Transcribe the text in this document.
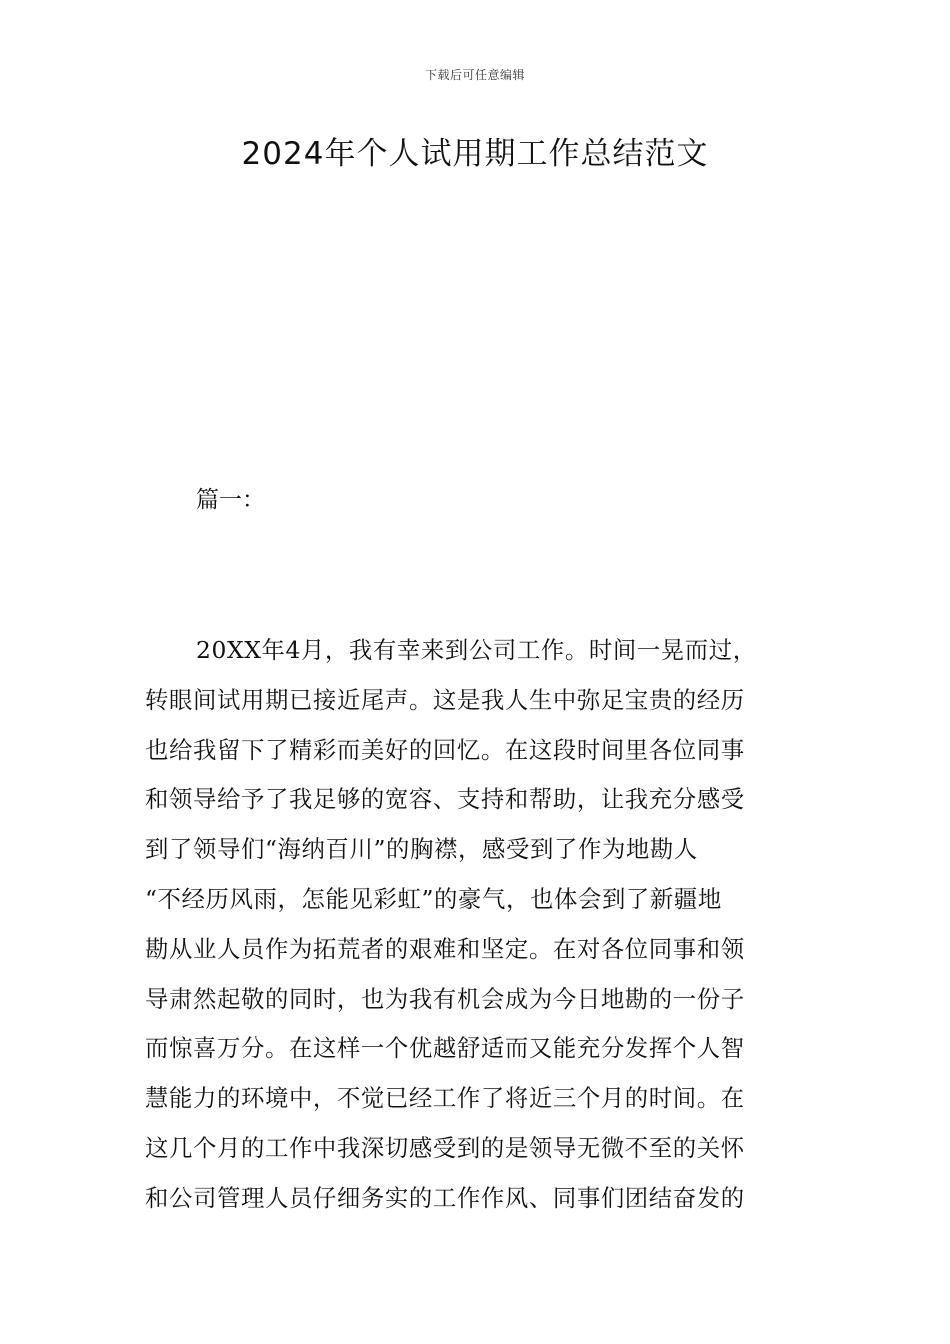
下载后可任意编辑
2024年个人试用期工作总结范文
篇一：
20XX年4月，我有幸来到公司工作。时间一晃而过，
转眼间试用期已接近尾声。这是我人生中弥足宝贵的经历
也给我留下了精彩而美好的回忆。在这段时间里各位同事
和领导给予了我足够的宽容、支持和帮助，让我充分感受
到了领导们“海纳百川”的胸襟，感受到了作为地勘人
“不经历风雨，怎能见彩虹”的豪气，也体会到了新疆地
勘从业人员作为拓荒者的艰难和坚定。在对各位同事和领
导肃然起敬的同时，也为我有机会成为今日地勘的一份子
而惊喜万分。在这样一个优越舒适而又能充分发挥个人智
慧能力的环境中，不觉已经工作了将近三个月的时间。在
这几个月的工作中我深切感受到的是领导无微不至的关怀
和公司管理人员仔细务实的工作作风、同事们团结奋发的
